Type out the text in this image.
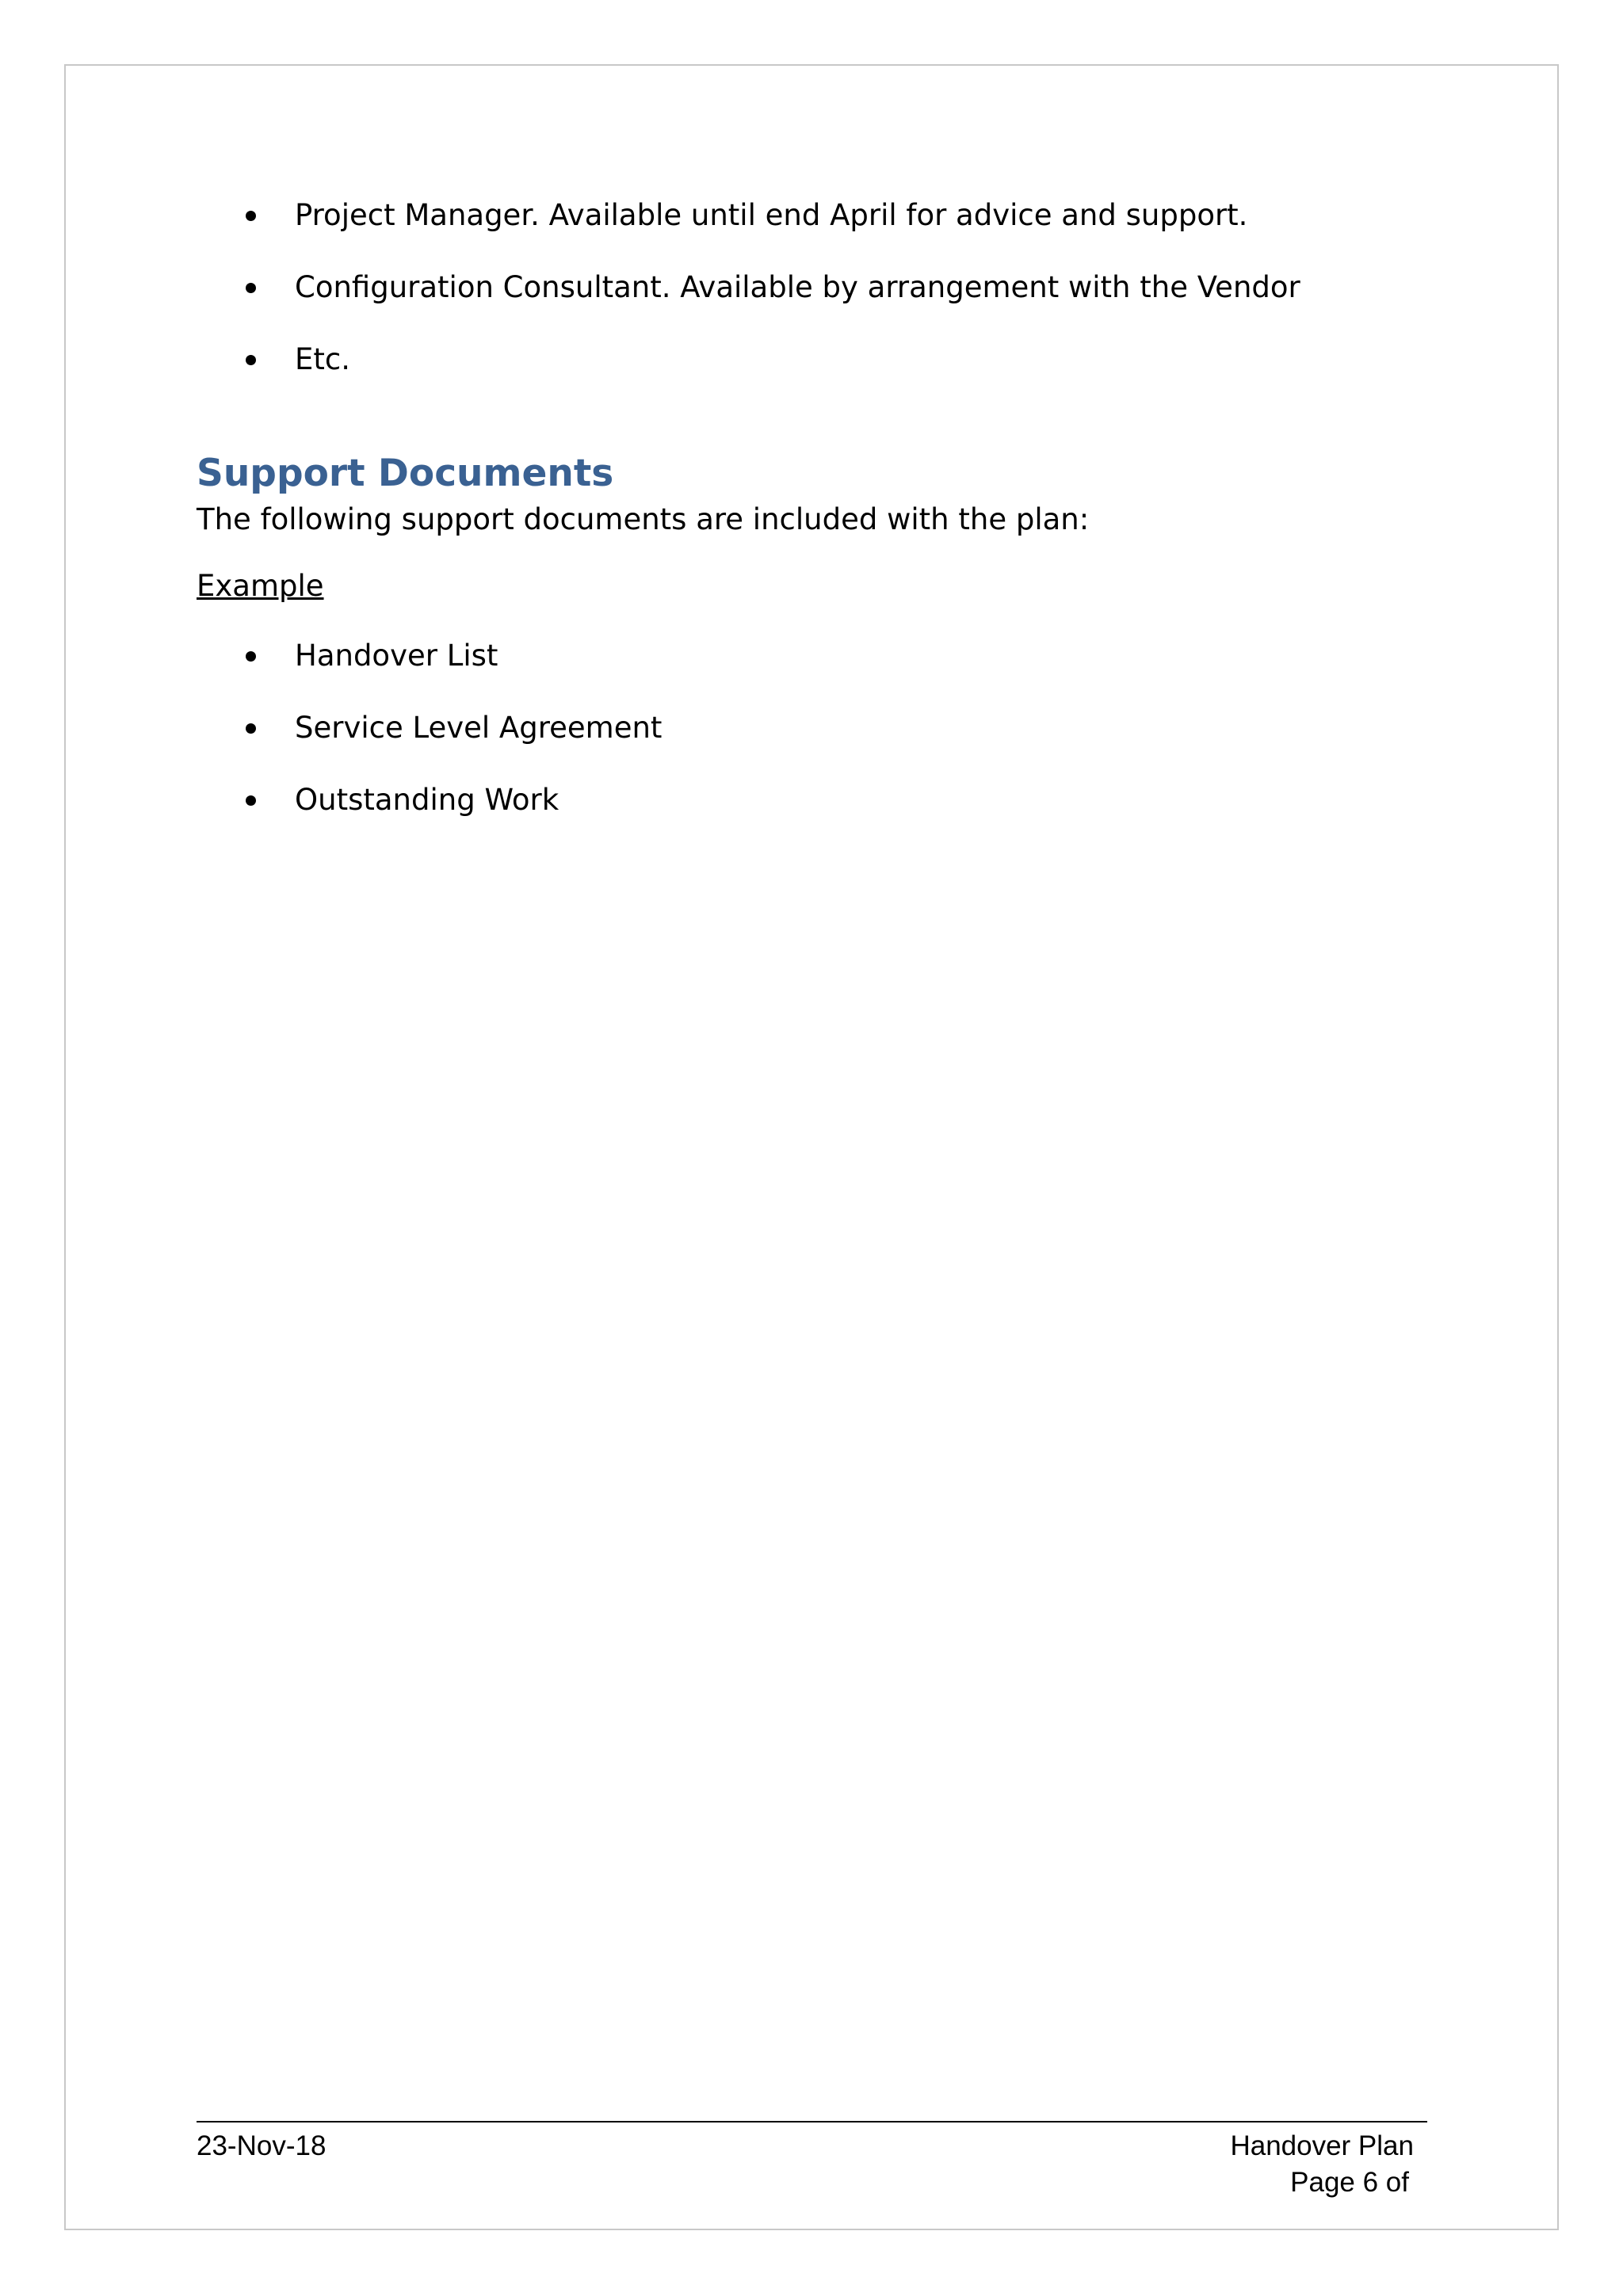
Project Manager. Available until end April for advice and support.
Configuration Consultant. Available by arrangement with the Vendor
Etc.
Support Documents

The following support documents are included with the plan:

Example

Handover List
Service Level Agreement
Outstanding Work
23-Nov-18	Handover Plan
Page 6 of
